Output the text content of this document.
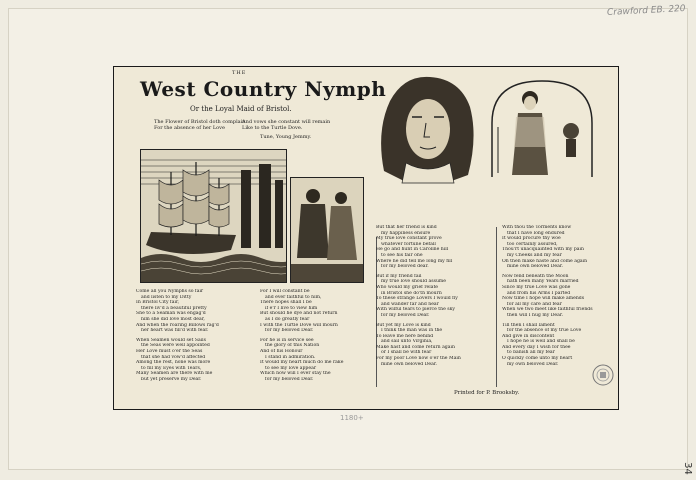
Crawford EB. 220
34
1180+
THE
West Country Nymph
Or the Loyal Maid of Bristol.
The Flower of Bristol doth complain
For the absence of her Love
And vows she constant will remain
Like to the Turtle Dove.
Tune, Young Jemmy.
Come all you Nymphs so fair
and listen to my Ditty
In Bristol City fair,
there liv'd a beautiful pretty
She to a Seaman was engag'd
him she did love most dear,
And when the roaring Billows rag'd
her heart was fill'd with fear.
When Seamen would set Sails
the Seas were well appointed
Her Love must o'er the Seas
that she had vow'd affected
Among the rest, none was more
to fill my Eyes with Tears,
Many Seamen are there with me
but yet preserve my Dear.
For I will constant be
and ever faithful to him,
There hopes shall I be
if e'r I live to view him
But should he dye and not return
as I do greatly fear
I with the Turtle Dove will mourn
for my beloved Dear.
For he is in service see
the glory of this Nation
And of his Honour
I stand in admiration.
It would my heart much do me rake
to see my love appear
Which now will I ever stay the
for my beloved Dear.
But that her friend is kind
my happiness ensure
My true love constant prove
whatever fortune befall
He go and hunt in Caroline hill
to see his fair one
Where he did tell me long my fill
for my beloved dear.
But if my friend fail
my true love should assume
Who would my grief relate
in Bristol she do'th mourn
To these strange Lovers I would fly
and wander far and near
With wilful tears to pierce the sky
for my beloved Dear.
But yet my Love is kind
I think the man was in the
To leave me here behind
and sail unto Virginia,
Make hast and come return again
or I shall be with fear
For my poor Love now o'er the Main
mine own beloved Dear.
With thou the Torments know
that I have long endured
It would procure thy woe
too certainly assured,
Thou'rt unacquainted with my pain
my Cheeks and my fear
Oh then make haste and come again
mine own beloved Dear.
Now fend beneath the Moon
hath been many Years married
Since my true Love was gone
and from his Arms I parted
Now time I hope will make amends
for all my care and fear
When we two meet like faithful friends
then will I hug my Dear.
Till then I shall lament
for the absence of my true Love
And give in discontent
I hope he is well and shall be
And every day I wish for thee
to banish all my fear
O quickly come unto my heart
my own beloved Dear.
Printed for P. Brooksby.
